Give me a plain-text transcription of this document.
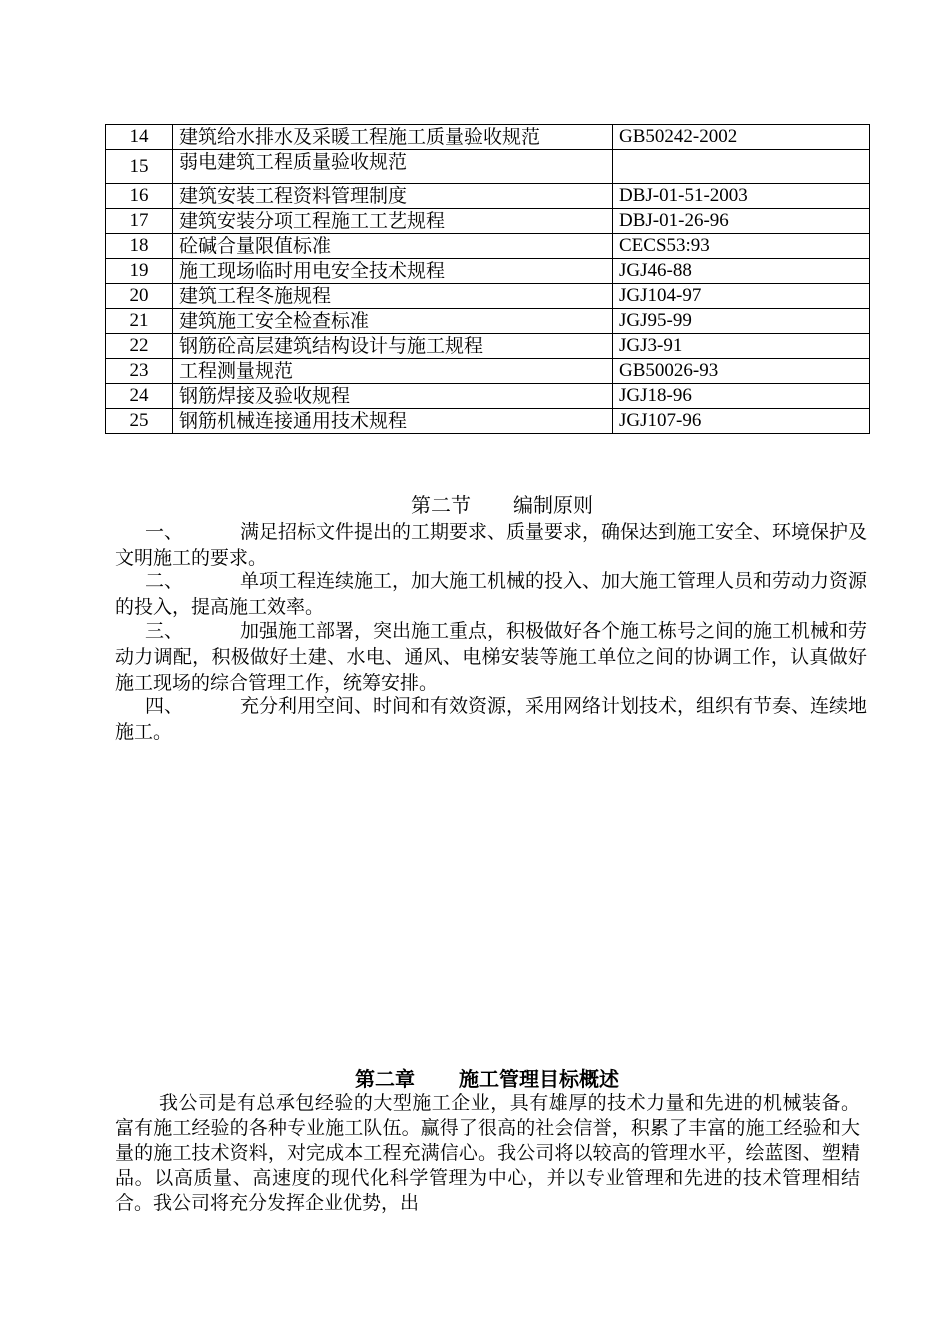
14	建筑给水排水及采暖工程施工质量验收规范	GB50242-2002
15	弱电建筑工程质量验收规范	
16	建筑安装工程资料管理制度	DBJ-01-51-2003
17	建筑安装分项工程施工工艺规程	DBJ-01-26-96
18	砼碱合量限值标准	CECS53:93
19	施工现场临时用电安全技术规程	JGJ46-88
20	建筑工程冬施规程	JGJ104-97
21	建筑施工安全检查标准	JGJ95-99
22	钢筋砼高层建筑结构设计与施工规程	JGJ3-91
23	工程测量规范	GB50026-93
24	钢筋焊接及验收规程	JGJ18-96
25	钢筋机械连接通用技术规程	JGJ107-96
第二节 编制原则

一、	满足招标文件提出的工期要求、质量要求，确保达到施工安全、环境保护及文明施工的要求。

二、	单项工程连续施工，加大施工机械的投入、加大施工管理人员和劳动力资源的投入，提高施工效率。

三、	加强施工部署，突出施工重点，积极做好各个施工栋号之间的施工机械和劳动力调配，积极做好土建、水电、通风、电梯安装等施工单位之间的协调工作，认真做好施工现场的综合管理工作，统筹安排。

四、	充分利用空间、时间和有效资源，采用网络计划技术，组织有节奏、连续地施工。

第二章 施工管理目标概述

我公司是有总承包经验的大型施工企业，具有雄厚的技术力量和先进的机械装备。富有施工经验的各种专业施工队伍。赢得了很高的社会信誉，积累了丰富的施工经验和大量的施工技术资料，对完成本工程充满信心。我公司将以较高的管理水平，绘蓝图、塑精品。以高质量、高速度的现代化科学管理为中心，并以专业管理和先进的技术管理相结合。我公司将充分发挥企业优势，出
